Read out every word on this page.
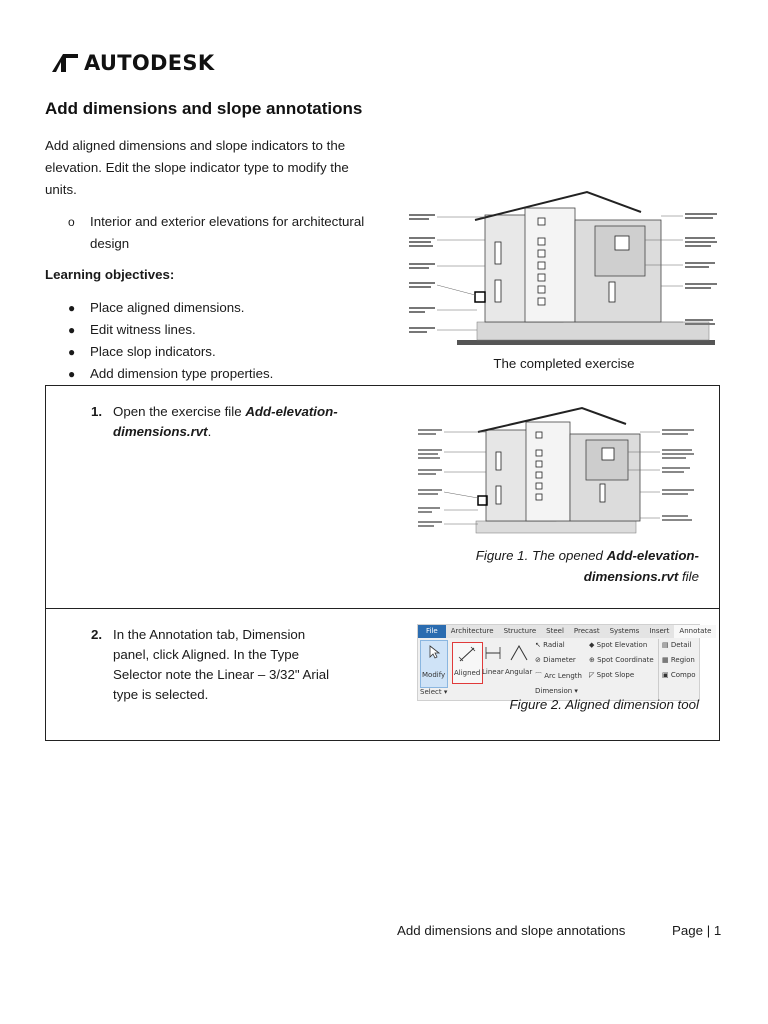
AUTODESK
Add dimensions and slope annotations

Add aligned dimensions and slope indicators to the elevation. Edit the slope indicator type to modify the units.

o	Interior and exterior elevations for architectural design
Learning objectives:
●	Place aligned dimensions.
●	Edit witness lines.
●	Place slop indicators.
●	Add dimension type properties.
The completed exercise
1. Open the exercise file Add-elevation-dimensions.rvt.
Figure 1. The opened Add-elevation-dimensions.rvt file
2. In the Annotation tab, Dimension panel, click Aligned. In the Type Selector note the Linear – 3/32" Arial type is selected.
File	Architecture	Structure	Steel	Precast	Systems	Insert	Annotate
Modify
Select ▾
Aligned Linear Angular
↖ Radial
⊘ Diameter
⌒ Arc Length
◆ Spot Elevation
⊕ Spot Coordinate
◸ Spot Slope
Dimension ▾
▤ Detail
▦ Region
▣ Compo
Figure 2. Aligned dimension tool
Add dimensions and slope annotations	Page | 1
